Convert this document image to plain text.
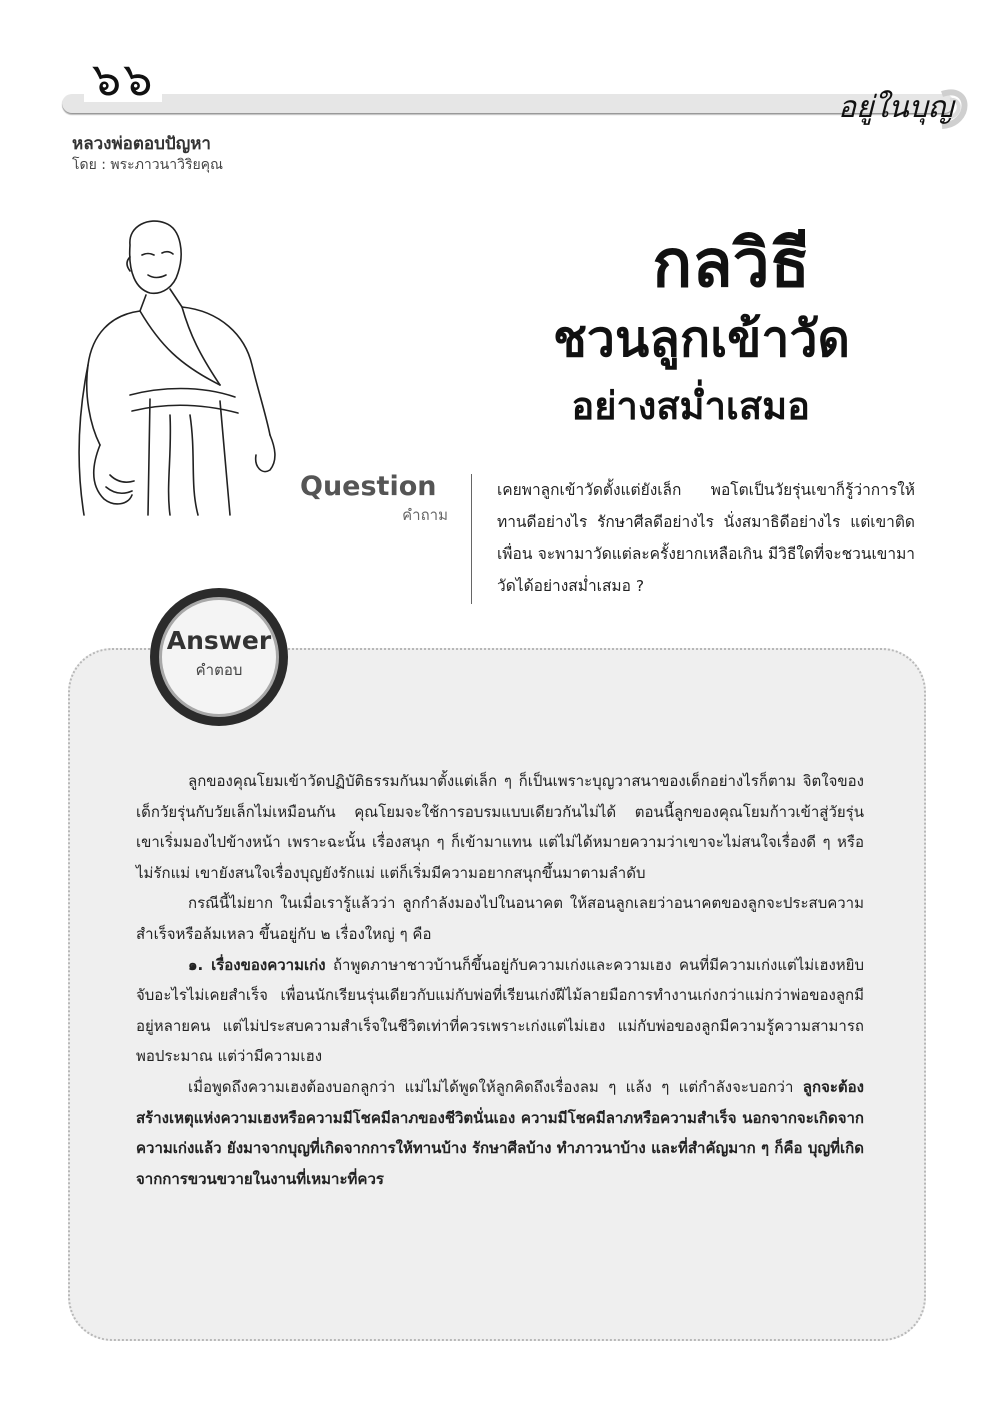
๖๖
อยู่ในบุญ
หลวงพ่อตอบปัญหา
โดย : พระภาวนาวิริยคุณ
กลวิธี
ชวนลูกเข้าวัด
อย่างสม่ำเสมอ
Question
คำถาม
เคยพาลูกเข้าวัดตั้งแต่ยังเล็ก พอโตเป็นวัยรุ่นเขาก็รู้ว่าการให้ทานดีอย่างไร รักษาศีลดีอย่างไร นั่งสมาธิดีอย่างไร แต่เขาติดเพื่อน จะพามาวัดแต่ละครั้งยากเหลือเกิน มีวิธีใดที่จะชวนเขามาวัดได้อย่างสม่ำเสมอ ?
Answer
คำตอบ

ลูกของคุณโยมเข้าวัดปฏิบัติธรรมกันมาตั้งแต่เล็ก ๆ ก็เป็นเพราะบุญวาสนาของเด็กอย่างไรก็ตาม จิตใจของเด็กวัยรุ่นกับวัยเล็กไม่เหมือนกัน คุณโยมจะใช้การอบรมแบบเดียวกันไม่ได้ ตอนนี้ลูกของคุณโยมก้าวเข้าสู่วัยรุ่น เขาเริ่มมองไปข้างหน้า เพราะฉะนั้น เรื่องสนุก ๆ ก็เข้ามาแทน แต่ไม่ได้หมายความว่าเขาจะไม่สนใจเรื่องดี ๆ หรือไม่รักแม่ เขายังสนใจเรื่องบุญยังรักแม่ แต่ก็เริ่มมีความอยากสนุกขึ้นมาตามลำดับ

กรณีนี้ไม่ยาก ในเมื่อเรารู้แล้วว่า ลูกกำลังมองไปในอนาคต ให้สอนลูกเลยว่าอนาคตของลูกจะประสบความสำเร็จหรือล้มเหลว ขึ้นอยู่กับ ๒ เรื่องใหญ่ ๆ คือ

๑. เรื่องของความเก่ง ถ้าพูดภาษาชาวบ้านก็ขึ้นอยู่กับความเก่งและความเฮง คนที่มีความเก่งแต่ไม่เฮงหยิบจับอะไรไม่เคยสำเร็จ เพื่อนนักเรียนรุ่นเดียวกับแม่กับพ่อที่เรียนเก่งฝีไม้ลายมือการทำงานเก่งกว่าแม่กว่าพ่อของลูกมีอยู่หลายคน แต่ไม่ประสบความสำเร็จในชีวิตเท่าที่ควรเพราะเก่งแต่ไม่เฮง แม่กับพ่อของลูกมีความรู้ความสามารถพอประมาณ แต่ว่ามีความเฮง

เมื่อพูดถึงความเฮงต้องบอกลูกว่า แม่ไม่ได้พูดให้ลูกคิดถึงเรื่องลม ๆ แล้ง ๆ แต่กำลังจะบอกว่า ลูกจะต้องสร้างเหตุแห่งความเฮงหรือความมีโชคมีลาภของชีวิตนั่นเอง ความมีโชคมีลาภหรือความสำเร็จ นอกจากจะเกิดจากความเก่งแล้ว ยังมาจากบุญที่เกิดจากการให้ทานบ้าง รักษาศีลบ้าง ทำภาวนาบ้าง และที่สำคัญมาก ๆ ก็คือ บุญที่เกิดจากการขวนขวายในงานที่เหมาะที่ควร
